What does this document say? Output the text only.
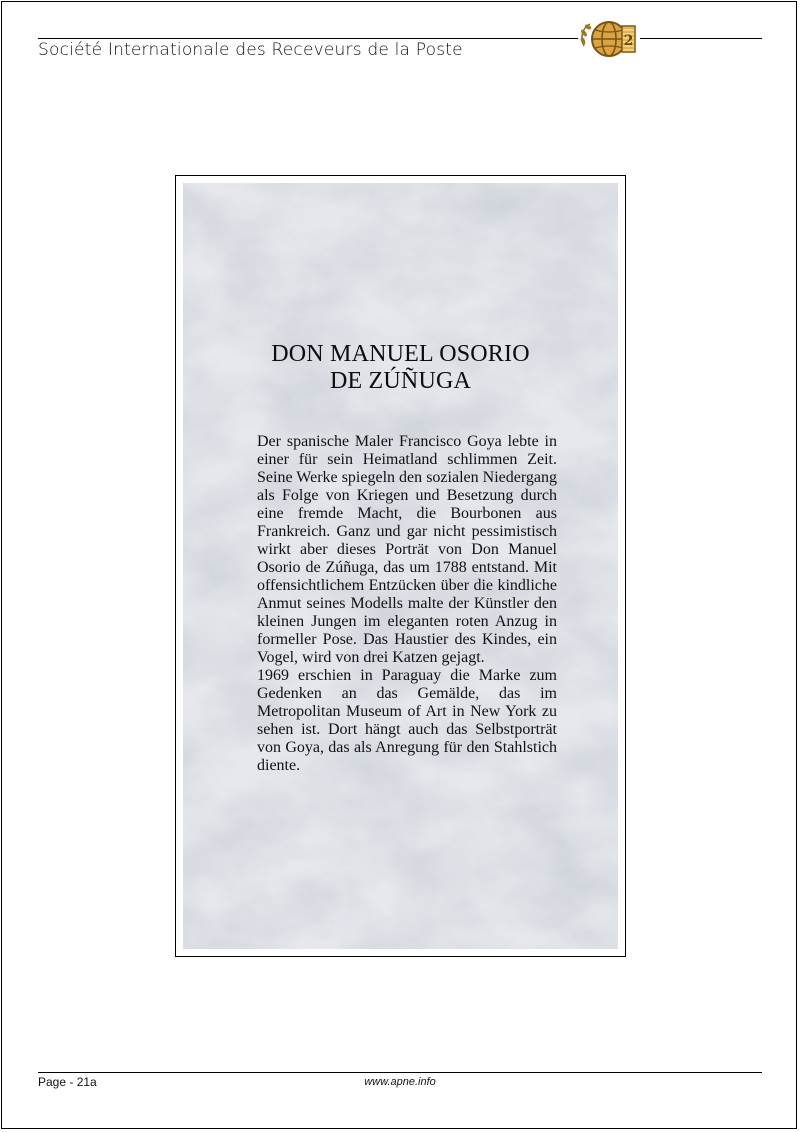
Société Internationale des Receveurs de la Poste	2
DON MANUEL OSORIO
DE ZÚÑUGA

Der spanische Maler Francisco Goya lebte in einer für sein Heimatland schlimmen Zeit. Seine Werke spiegeln den sozialen Niedergang als Folge von Kriegen und Besetzung durch eine fremde Macht, die Bourbonen aus Frankreich. Ganz und gar nicht pessimistisch wirkt aber dieses Porträt von Don Manuel Osorio de Zúñuga, das um 1788 entstand. Mit offensichtlichem Entzücken über die kindliche Anmut seines Modells malte der Künstler den kleinen Jungen im eleganten roten Anzug in formeller Pose. Das Haustier des Kindes, ein Vogel, wird von drei Katzen gejagt.

1969 erschien in Paraguay die Marke zum Gedenken an das Gemälde, das im Metropolitan Museum of Art in New York zu sehen ist. Dort hängt auch das Selbstporträt von Goya, das als Anregung für den Stahlstich diente.

Page - 21a	www.apne.info
